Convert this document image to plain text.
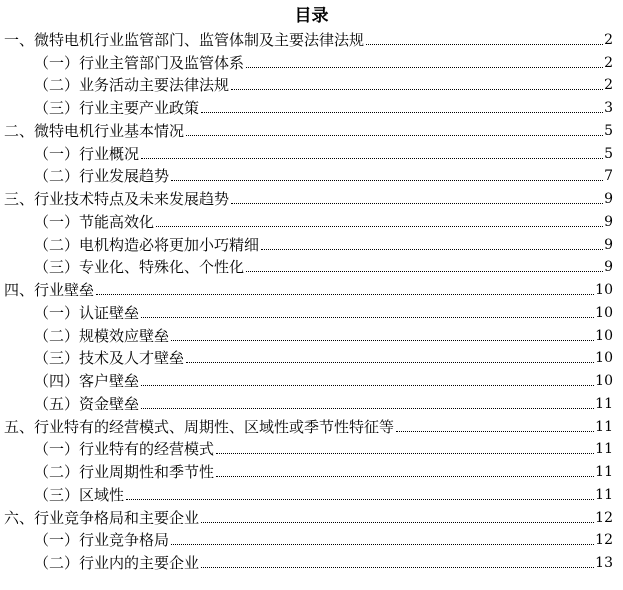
目录
一、微特电机行业监管部门、监管体制及主要法律法规	2
（一）行业主管部门及监管体系	2
（二）业务活动主要法律法规	2
（三）行业主要产业政策	3
二、微特电机行业基本情况	5
（一）行业概况	5
（二）行业发展趋势	7
三、行业技术特点及未来发展趋势	9
（一）节能高效化	9
（二）电机构造必将更加小巧精细	9
（三）专业化、特殊化、个性化	9
四、行业壁垒	10
（一）认证壁垒	10
（二）规模效应壁垒	10
（三）技术及人才壁垒	10
（四）客户壁垒	10
（五）资金壁垒	11
五、行业特有的经营模式、周期性、区域性或季节性特征等	11
（一）行业特有的经营模式	11
（二）行业周期性和季节性	11
（三）区域性	11
六、行业竞争格局和主要企业	12
（一）行业竞争格局	12
（二）行业内的主要企业	13
